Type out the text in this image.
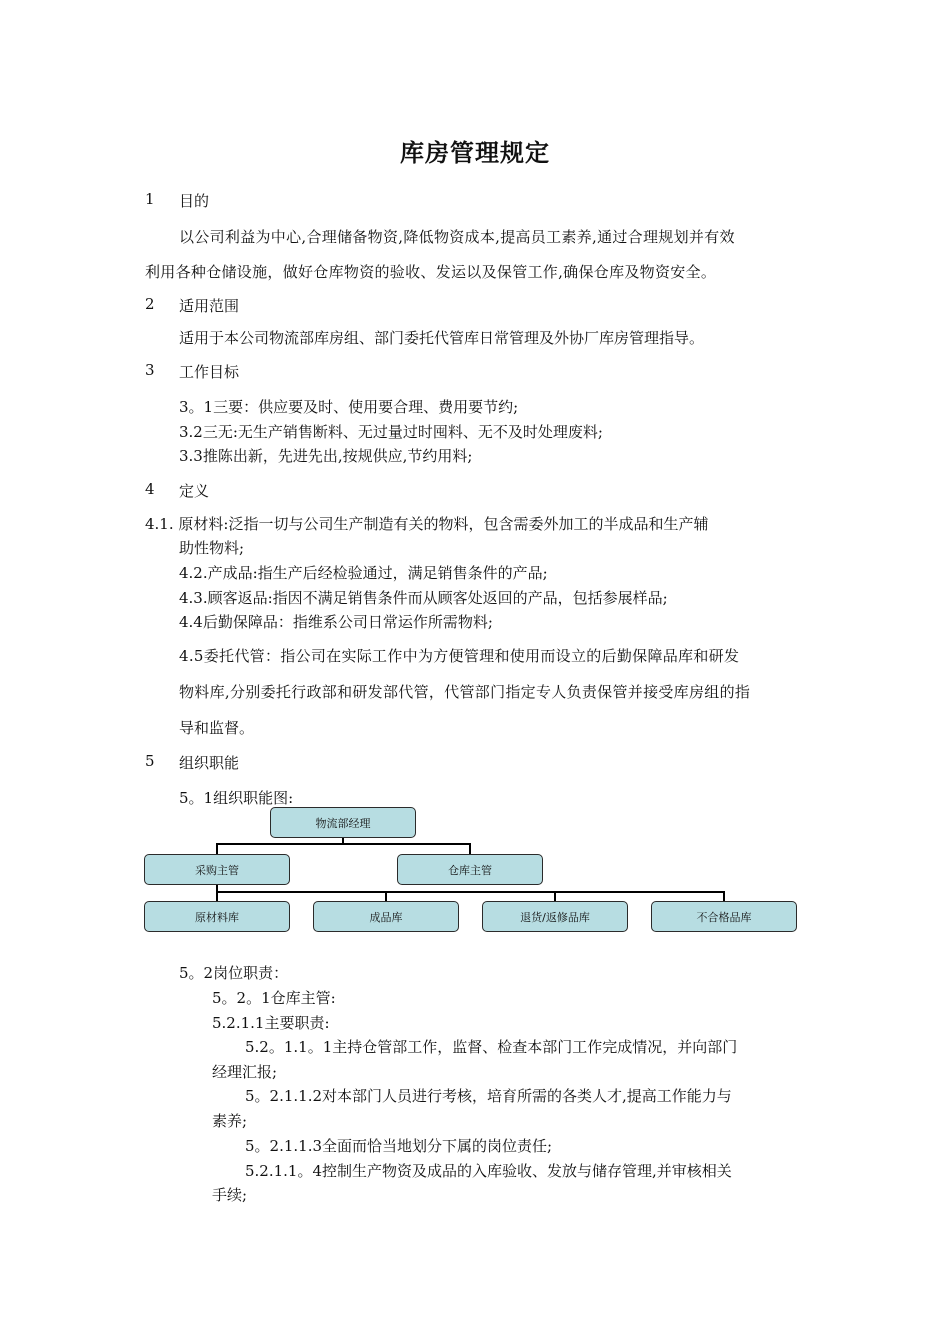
库房管理规定
1 目的
以公司利益为中心,合理储备物资,降低物资成本,提高员工素养,通过合理规划并有效
利用各种仓储设施，做好仓库物资的验收、发运以及保管工作,确保仓库及物资安全。
2 适用范围
适用于本公司物流部库房组、部门委托代管库日常管理及外协厂库房管理指导。
3 工作目标
3。1三要：供应要及时、使用要合理、费用要节约;
3.2三无:无生产销售断料、无过量过时囤料、无不及时处理废料;
3.3推陈出新，先进先出,按规供应,节约用料;
4 定义
4.1. 原材料:泛指一切与公司生产制造有关的物料，包含需委外加工的半成品和生产辅
助性物料;
4.2.产成品:指生产后经检验通过，满足销售条件的产品;
4.3.顾客返品:指因不满足销售条件而从顾客处返回的产品，包括参展样品;
4.4后勤保障品：指维系公司日常运作所需物料;
4.5委托代管：指公司在实际工作中为方便管理和使用而设立的后勤保障品库和研发
物料库,分别委托行政部和研发部代管，代管部门指定专人负责保管并接受库房组的指
导和监督。
5 组织职能
5。1组织职能图:
物流部经理
采购主管	仓库主管
原材料库	成品库	退货/返修品库	不合格品库
5。2岗位职责：
5。2。1仓库主管:
5.2.1.1主要职责:
5.2。1.1。1主持仓管部工作，监督、检查本部门工作完成情况，并向部门
经理汇报;
5。2.1.1.2对本部门人员进行考核，培育所需的各类人才,提高工作能力与
素养;
5。2.1.1.3全面而恰当地划分下属的岗位责任;
5.2.1.1。4控制生产物资及成品的入库验收、发放与储存管理,并审核相关
手续;
